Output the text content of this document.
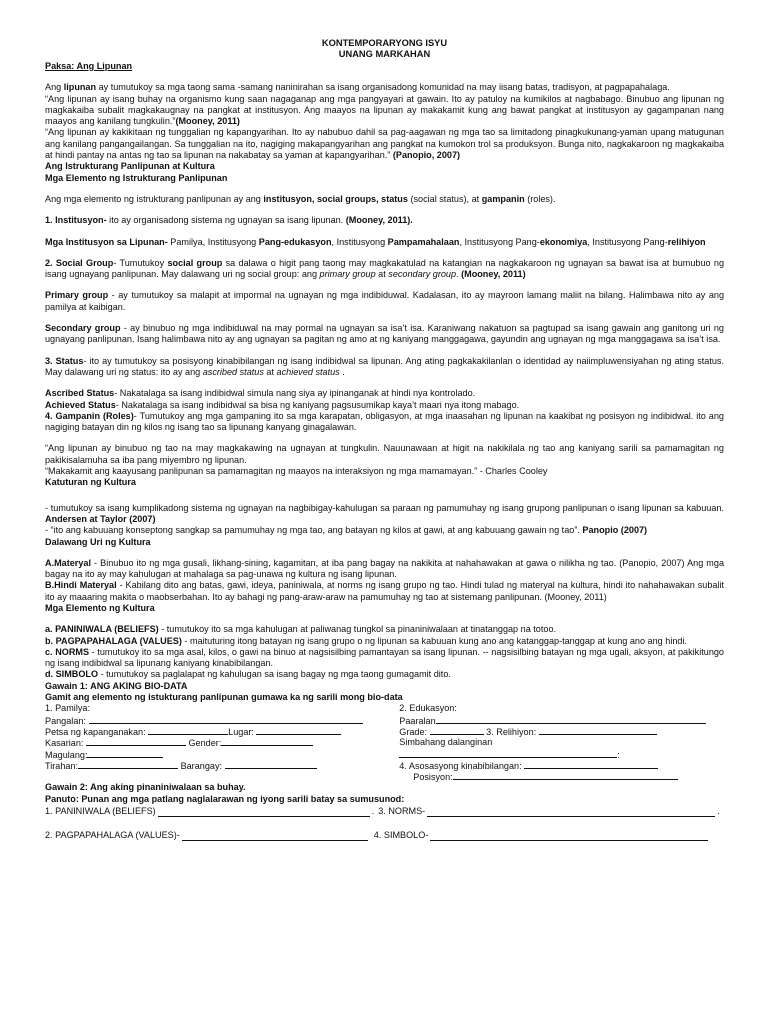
KONTEMPORARYONG ISYU
UNANG MARKAHAN
Paksa: Ang Lipunan

Ang lipunan ay tumutukoy sa mga taong sama -samang naninirahan sa isang organisadong komunidad na may iisang batas, tradisyon, at pagpapahalaga.

“Ang lipunan ay isang buhay na organismo kung saan nagaganap ang mga pangyayari at gawain. Ito ay patuloy na kumikilos at nagbabago. Binubuo ang lipunan ng magkakaiba subalit magkakaugnay na pangkat at institusyon. Ang maayos na lipunan ay makakamit kung ang bawat pangkat at institusyon ay gagampanan nang maayos ang kanilang tungkulin.”(Mooney, 2011)

“Ang lipunan ay kakikitaan ng tunggalian ng kapangyarihan. Ito ay nabubuo dahil sa pag-aagawan ng mga tao sa limitadong pinagkukunang-yaman upang matugunan ang kanilang pangangailangan. Sa tunggalian na ito, nagiging makapangyarihan ang pangkat na kumokon trol sa produksyon. Bunga nito, nagkakaroon ng magkakaiba at hindi pantay na antas ng tao sa lipunan na nakabatay sa yaman at kapangyarihan.” (Panopio, 2007)

Ang Istrukturang Panlipunan at Kultura

Mga Elemento ng Istrukturang Panlipunan

Ang mga elemento ng istrukturang panlipunan ay ang institusyon, social groups, status (social status), at gampanin (roles).

1. Institusyon- ito ay organisadong sistema ng ugnayan sa isang lipunan. (Mooney, 2011).

Mga Institusyon sa Lipunan- Pamilya, Institusyong Pang-edukasyon, Institusyong Pampamahalaan, Institusyong Pang-ekonomiya, Institusyong Pang-relihiyon

2. Social Group- Tumutukoy social group sa dalawa o higit pang taong may magkakatulad na katangian na nagkakaroon ng ugnayan sa bawat isa at bumubuo ng isang ugnayang panlipunan. May dalawang uri ng social group: ang primary group at secondary group. (Mooney, 2011)

Primary group - ay tumutukoy sa malapit at impormal na ugnayan ng mga indibiduwal. Kadalasan, ito ay mayroon lamang maliit na bilang. Halimbawa nito ay ang pamilya at kaibigan.

Secondary group - ay binubuo ng mga indibiduwal na may pormal na ugnayan sa isa’t isa. Karaniwang nakatuon sa pagtupad sa isang gawain ang ganitong uri ng ugnayang panlipunan. Isang halimbawa nito ay ang ugnayan sa pagitan ng amo at ng kaniyang manggagawa, gayundin ang ugnayan ng mga manggagawa sa isa’t isa.

3. Status- ito ay tumutukoy sa posisyong kinabibilangan ng isang indibidwal sa lipunan. Ang ating pagkakakilanlan o identidad ay naiimpluwensiyahan ng ating status. May dalawang uri ng status: ito ay ang ascribed status at achieved status .

Ascribed Status- Nakatalaga sa isang indibidwal simula nang siya ay ipinanganak at hindi nya kontrolado.

Achieved Status- Nakatalaga sa isang indibidwal sa bisa ng kaniyang pagsusumikap kaya’t maari nya itong mabago.

4. Gampanin (Roles)- Tumutukoy ang mga gampaning ito sa mga karapatan, obligasyon, at mga inaasahan ng lipunan na kaakibat ng posisyon ng indibidwal. ito ang nagiging batayan din ng kilos ng isang tao sa lipunang kanyang ginagalawan.

“Ang lipunan ay binubuo ng tao na may magkakawing na ugnayan at tungkulin. Nauunawaan at higit na nakikilala ng tao ang kaniyang sarili sa pamamagitan ng pakikisalamuha sa iba pang miyembro ng lipunan.

“Makakamit ang kaayusang panlipunan sa pamamagitan ng maayos na interaksiyon ng mga mamamayan.” - Charles Cooley

Katuturan ng Kultura

- tumutukoy sa isang kumplikadong sistema ng ugnayan na nagbibigay-kahulugan sa paraan ng pamumuhay ng isang grupong panlipunan o isang lipunan sa kabuuan. Andersen at Taylor (2007)

- “ito ang kabuuang konseptong sangkap sa pamumuhay ng mga tao, ang batayan ng kilos at gawi, at ang kabuuang gawain ng tao”. Panopio (2007)

Dalawang Uri ng Kultura

A.Materyal - Binubuo ito ng mga gusali, likhang-sining, kagamitan, at iba pang bagay na nakikita at nahahawakan at gawa o nilikha ng tao. (Panopio, 2007) Ang mga bagay na ito ay may kahulugan at mahalaga sa pag-unawa ng kultura ng isang lipunan.

B.Hindi Materyal - Kabilang dito ang batas, gawi, ideya, paniniwala, at norms ng isang grupo ng tao. Hindi tulad ng materyal na kultura, hindi ito nahahawakan subalit ito ay maaaring makita o maobserbahan. Ito ay bahagi ng pang-araw-araw na pamumuhay ng tao at sistemang panlipunan. (Mooney, 2011)

Mga Elemento ng Kultura

a. PANINIWALA (BELIEFS) - tumutukoy ito sa mga kahulugan at paliwanag tungkol sa pinaniniwalaan at tinatanggap na totoo.

b. PAGPAPAHALAGA (VALUES) - maituturing itong batayan ng isang grupo o ng lipunan sa kabuuan kung ano ang katanggap-tanggap at kung ano ang hindi.

c. NORMS - tumutukoy ito sa mga asal, kilos, o gawi na binuo at nagsisilbing pamantayan sa isang lipunan. -- nagsisilbing batayan ng mga ugali, aksyon, at pakikitungo ng isang indibidwal sa lipunang kaniyang kinabibilangan.

d. SIMBOLO - tumutukoy sa paglalapat ng kahulugan sa isang bagay ng mga taong gumagamit dito.

Gawain 1: ANG AKING BIO-DATA

Gamit ang elemento ng istukturang panlipunan gumawa ka ng sarili mong bio-data

1. Pamilya:
Pangalan:
Petsa ng kapanganakan:	Lugar:
Kasarian:	Gender:
Magulang:
Tirahan:	Barangay:
2. Edukasyon:
Paaralan
Grade:	3. Relihiyon:
Simbahang dalanginan
:
4. Asosasyong kinabibilangan:
Posisyon:

Gawain 2: Ang aking pinaniniwalaan sa buhay.

Panuto: Punan ang mga patlang naglalarawan ng iyong sarili batay sa sumusunod:

1. PANINIWALA (BELIEFS)	. 3. NORMS-	.
2. PAGPAPAHALAGA (VALUES)-	4. SIMBOLO-
